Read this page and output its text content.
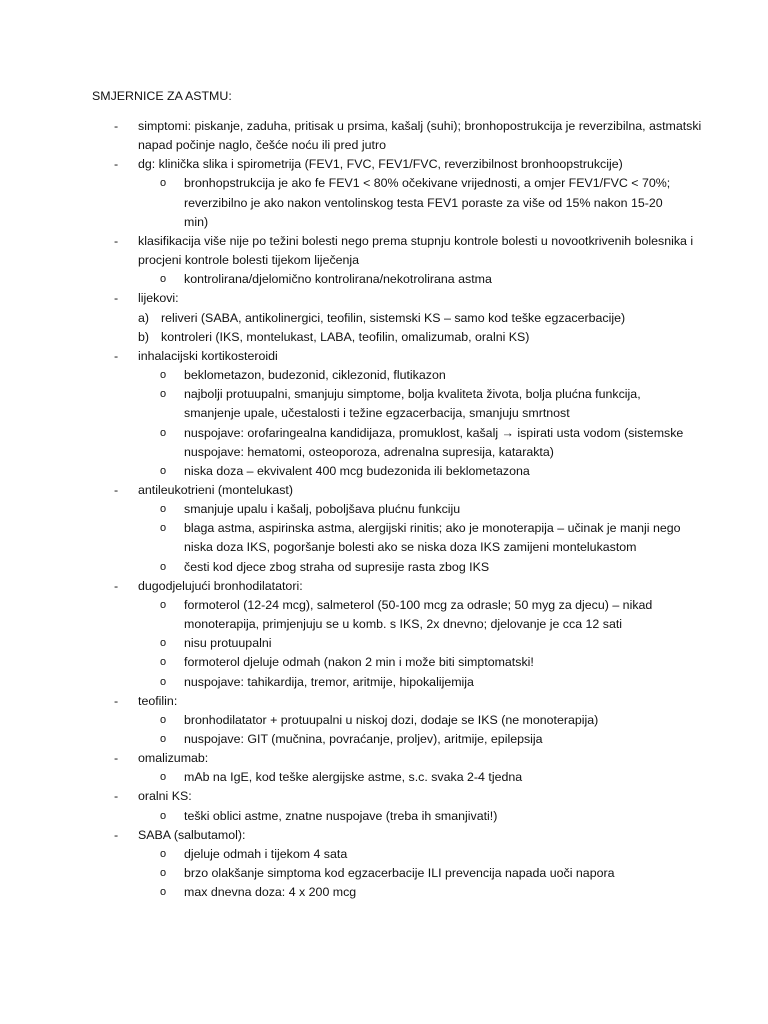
SMJERNICE ZA ASTMU:
- simptomi: piskanje, zaduha, pritisak u prsima, kašalj (suhi); bronhopostrukcija je reverzibilna, astmatski napad počinje naglo, češće noću ili pred jutro
- dg: klinička slika i spirometrija (FEV1, FVC, FEV1/FVC, reverzibilnost bronhoopstrukcije)
o bronhopstrukcija je ako fe FEV1 < 80% očekivane vrijednosti, a omjer FEV1/FVC < 70%; reverzibilno je ako nakon ventolinskog testa FEV1 poraste za više od 15% nakon 15-20 min)
- klasifikacija više nije po težini bolesti nego prema stupnju kontrole bolesti u novootkrivenih bolesnika i procjeni kontrole bolesti tijekom liječenja
o kontrolirana/djelomično kontrolirana/nekotrolirana astma
- lijekovi:
a) reliveri (SABA, antikolinergici, teofilin, sistemski KS – samo kod teške egzacerbacije)
b) kontroleri (IKS, montelukast, LABA, teofilin, omalizumab, oralni KS)
- inhalacijski kortikosteroidi
o beklometazon, budezonid, ciklezonid, flutikazon
o najbolji protuupalni, smanjuju simptome, bolja kvaliteta života, bolja plućna funkcija, smanjenje upale, učestalosti i težine egzacerbacija, smanjuju smrtnost
o nuspojave: orofaringealna kandidijaza, promuklost, kašalj → ispirati usta vodom (sistemske nuspojave: hematomi, osteoporoza, adrenalna supresija, katarakta)
o niska doza – ekvivalent 400 mcg budezonida ili beklometazona
- antileukotrieni (montelukast)
o smanjuje upalu i kašalj, poboljšava plućnu funkciju
o blaga astma, aspirinska astma, alergijski rinitis; ako je monoterapija – učinak je manji nego niska doza IKS, pogoršanje bolesti ako se niska doza IKS zamijeni montelukastom
o česti kod djece zbog straha od supresije rasta zbog IKS
- dugodjelujući bronhodilatatori:
o formoterol (12-24 mcg), salmeterol (50-100 mcg za odrasle; 50 myg za djecu) – nikad monoterapija, primjenjuju se u komb. s IKS, 2x dnevno; djelovanje je cca 12 sati
o nisu protuupalni
o formoterol djeluje odmah (nakon 2 min i može biti simptomatski!
o nuspojave: tahikardija, tremor, aritmije, hipokalijemija
- teofilin:
o bronhodilatator + protuupalni u niskoj dozi, dodaje se IKS (ne monoterapija)
o nuspojave: GIT (mučnina, povraćanje, proljev), aritmije, epilepsija
- omalizumab:
o mAb na IgE, kod teške alergijske astme, s.c. svaka 2-4 tjedna
- oralni KS:
o teški oblici astme, znatne nuspojave (treba ih smanjivati!)
- SABA (salbutamol):
o djeluje odmah i tijekom 4 sata
o brzo olakšanje simptoma kod egzacerbacije ILI prevencija napada uoči napora
o max dnevna doza: 4 x 200 mcg
